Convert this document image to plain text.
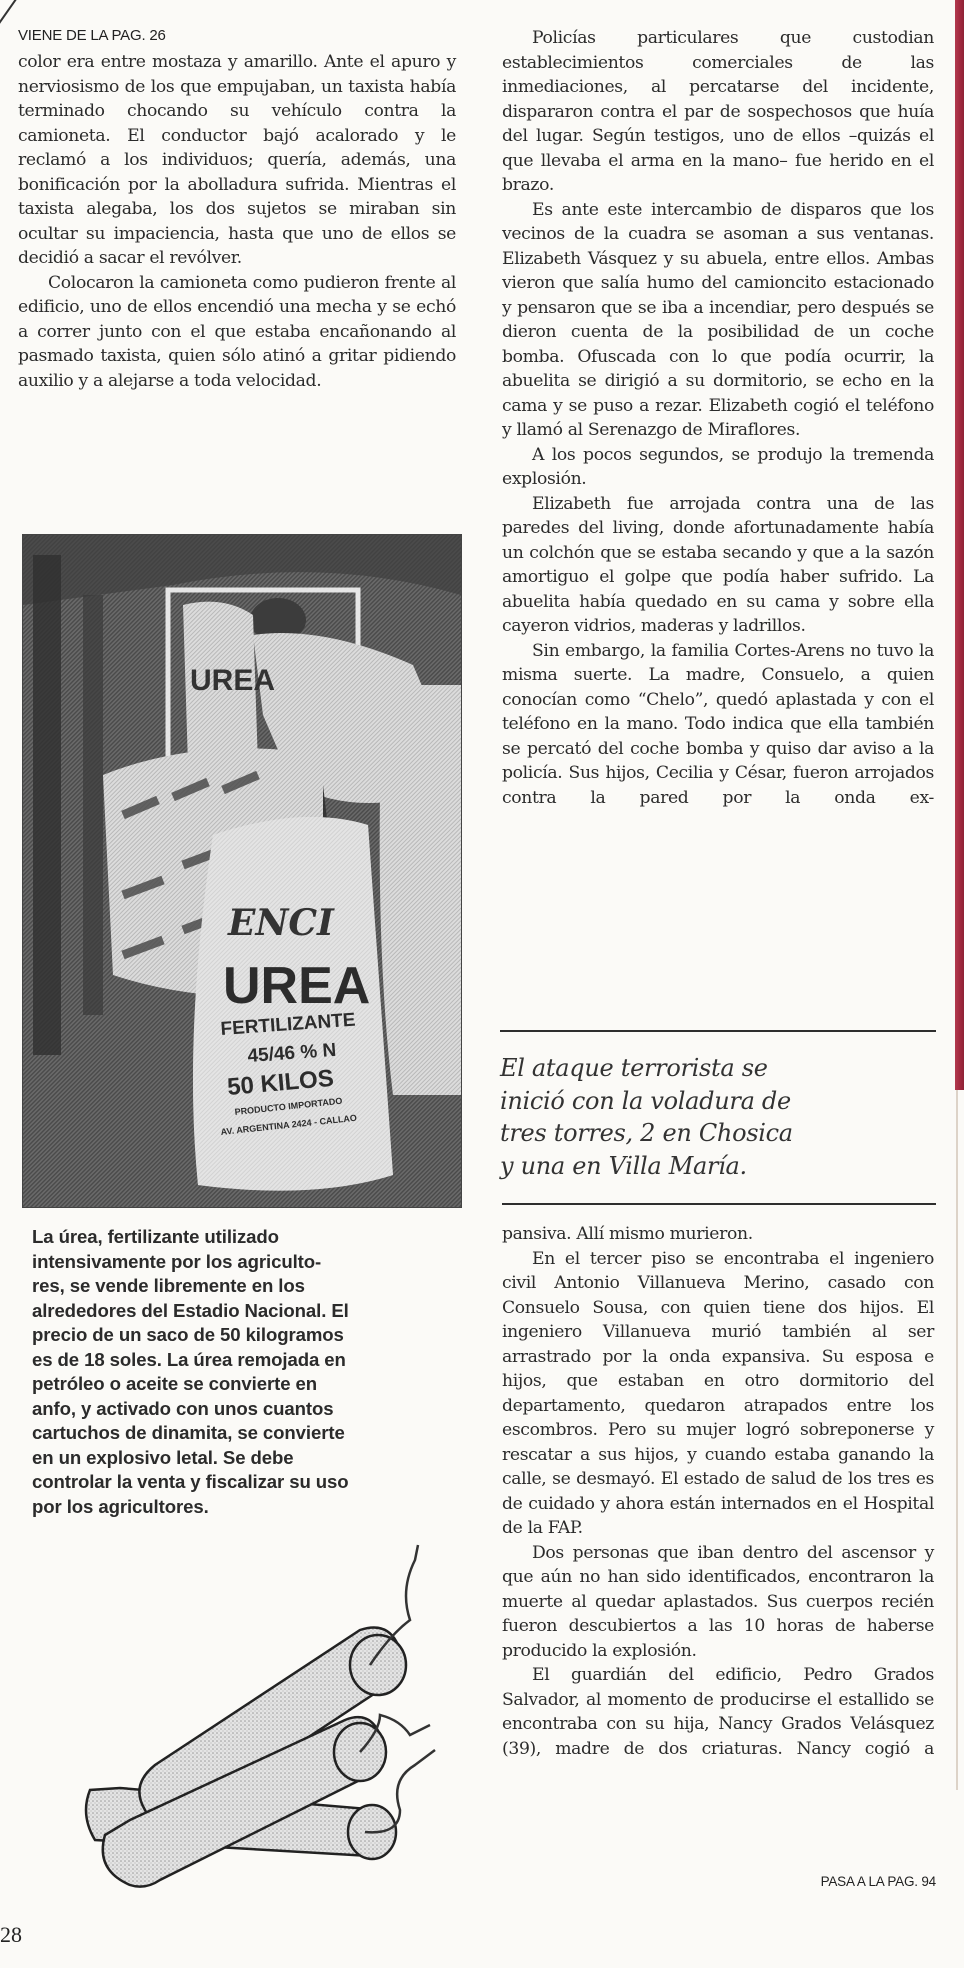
VIENE DE LA PAG. 26

color era entre mostaza y amarillo. Ante el apuro y nerviosismo de los que empujaban, un taxista había terminado chocando su vehículo contra la camioneta. El conductor bajó acalorado y le reclamó a los individuos; quería, además, una bonificación por la abolladura sufrida. Mientras el taxista alegaba, los dos sujetos se miraban sin ocultar su impaciencia, hasta que uno de ellos se decidió a sacar el revólver.

Colocaron la camioneta como pudieron frente al edificio, uno de ellos encendió una mecha y se echó a correr junto con el que estaba encañonando al pasmado taxista, quien sólo atinó a gritar pidiendo auxilio y a alejarse a toda velocidad.

UREA
ENCI
UREA
FERTILIZANTE
45/46 % N
50 KILOS
PRODUCTO IMPORTADO
AV. ARGENTINA 2424 - CALLAO
La úrea, fertilizante utilizado
intensivamente por los agriculto-
res, se vende libremente en los
alrededores del Estadio Nacional. El
precio de un saco de 50 kilogramos
es de 18 soles. La úrea remojada en
petróleo o aceite se convierte en
anfo, y activado con unos cuantos
cartuchos de dinamita, se convierte
en un explosivo letal. Se debe
controlar la venta y fiscalizar su uso
por los agricultores.
28

Policías particulares que custodian establecimientos comerciales de las inmediaciones, al percatarse del incidente, dispararon contra el par de sospechosos que huía del lugar. Según testigos, uno de ellos –quizás el que llevaba el arma en la mano– fue herido en el brazo.

Es ante este intercambio de disparos que los vecinos de la cuadra se asoman a sus ventanas. Elizabeth Vásquez y su abuela, entre ellos. Ambas vieron que salía humo del camioncito estacionado y pensaron que se iba a incendiar, pero después se dieron cuenta de la posibilidad de un coche bomba. Ofuscada con lo que podía ocurrir, la abuelita se dirigió a su dormitorio, se echo en la cama y se puso a rezar. Elizabeth cogió el teléfono y llamó al Serenazgo de Miraflores.

A los pocos segundos, se produjo la tremenda explosión.

Elizabeth fue arrojada contra una de las paredes del living, donde afortunadamente había un colchón que se estaba secando y que a la sazón amortiguo el golpe que podía haber sufrido. La abuelita había quedado en su cama y sobre ella cayeron vidrios, maderas y ladrillos.

Sin embargo, la familia Cortes-Arens no tuvo la misma suerte. La madre, Consuelo, a quien conocían como “Chelo”, quedó aplastada y con el teléfono en la mano. Todo indica que ella también se percató del coche bomba y quiso dar aviso a la policía. Sus hijos, Cecilia y César, fueron arrojados contra la pared por la onda ex-

El ataque terrorista se
inició con la voladura de
tres torres, 2 en Chosica
y una en Villa María.

pansiva. Allí mismo murieron.

En el tercer piso se encontraba el ingeniero civil Antonio Villanueva Merino, casado con Consuelo Sousa, con quien tiene dos hijos. El ingeniero Villanueva murió también al ser arrastrado por la onda expansiva. Su esposa e hijos, que estaban en otro dormitorio del departamento, quedaron atrapados entre los escombros. Pero su mujer logró sobreponerse y rescatar a sus hijos, y cuando estaba ganando la calle, se desmayó. El estado de salud de los tres es de cuidado y ahora están internados en el Hospital de la FAP.

Dos personas que iban dentro del ascensor y que aún no han sido identificados, encontraron la muerte al quedar aplastados. Sus cuerpos recién fueron descubiertos a las 10 horas de haberse producido la explosión.

El guardián del edificio, Pedro Grados Salvador, al momento de producirse el estallido se encontraba con su hija, Nancy Grados Velásquez (39), madre de dos criaturas. Nancy cogió a

PASA A LA PAG. 94
